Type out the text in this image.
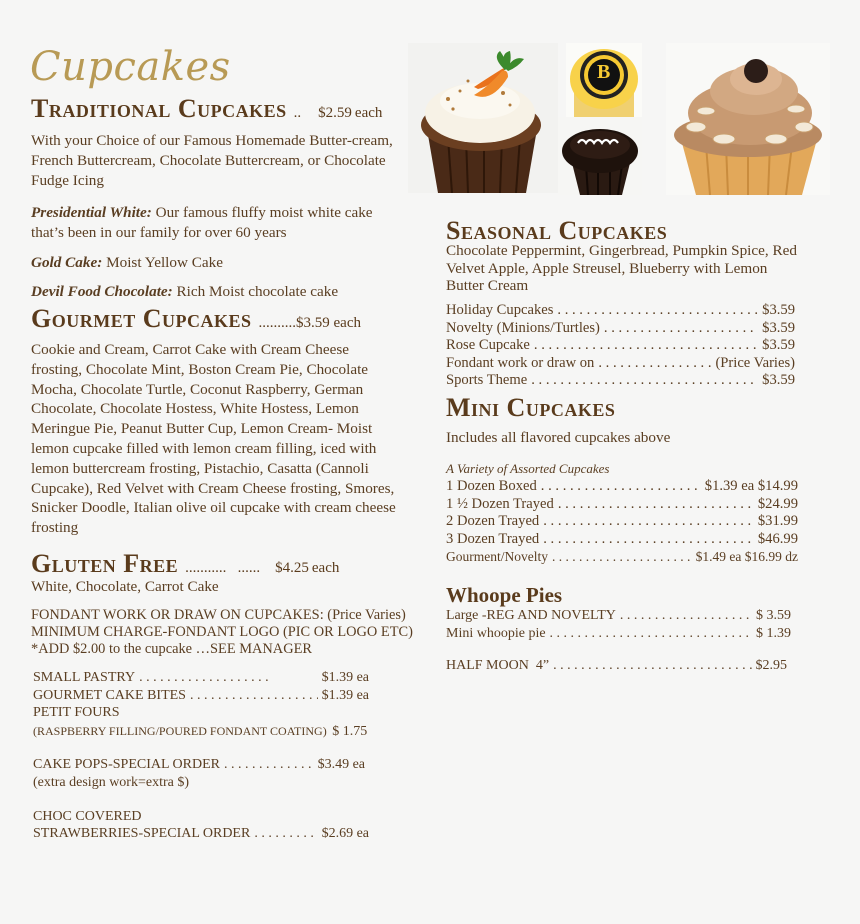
Cupcakes
Traditional Cupcakes .. $2.59 each
With your Choice of our Famous Homemade Butter-cream, French Buttercream, Chocolate Buttercream, or Chocolate Fudge Icing
Presidential White: Our famous fluffy moist white cake that’s been in our family for over 60 years
Gold Cake: Moist Yellow Cake
Devil Food Chocolate: Rich Moist chocolate cake
Gourmet Cupcakes ..........$3.59 each
Cookie and Cream, Carrot Cake with Cream Cheese frosting, Chocolate Mint, Boston Cream Pie, Chocolate Mocha, Chocolate Turtle, Coconut Raspberry, German Chocolate, Chocolate Hostess, White Hostess, Lemon Meringue Pie, Peanut Butter Cup, Lemon Cream- Moist lemon cupcake filled with lemon cream filling, iced with lemon buttercream frosting, Pistachio, Casatta (Cannoli Cupcake), Red Velvet with Cream Cheese frosting, Smores, Snicker Doodle, Italian olive oil cupcake with cream cheese frosting
Gluten Free ...........   ...... $4.25 each
White, Chocolate, Carrot Cake
FONDANT WORK OR DRAW ON CUPCAKES: (Price Varies)
MINIMUM CHARGE-FONDANT LOGO (PIC OR LOGO ETC)
*ADD $2.00 to the cupcake …SEE MANAGER
SMALL PASTRY . . .	$1.39 ea
GOURMET CAKE BITES . . .	$1.39 ea
PETIT FOURS
(RASPBERRY FILLING/POURED FONDANT COATING) $ 1.75
CAKE POPS-SPECIAL ORDER . . .	$3.49 ea
(extra design work=extra $)
CHOC COVERED
STRAWBERRIES-SPECIAL ORDER . . .	$2.69 ea
B
Seasonal Cupcakes
Chocolate Peppermint, Gingerbread, Pumpkin Spice, Red Velvet Apple, Apple Streusel, Blueberry with Lemon Butter Cream
Holiday Cupcakes . . .	$3.59
Novelty (Minions/Turtles) . . .	$3.59
Rose Cupcake . . .	$3.59
Fondant work or draw on . . .	(Price Varies)
Sports Theme . . .	$3.59
Mini Cupcakes
Includes all flavored cupcakes above
A Variety of Assorted Cupcakes
1 Dozen Boxed . . .	$1.39 ea $14.99
1 ½ Dozen Trayed . . .	$24.99
2 Dozen Trayed . . .	$31.99
3 Dozen Trayed . . .	$46.99
Gourment/Novelty . . .	$1.49 ea $16.99 dz
Whoope Pies
Large -REG AND NOVELTY . . .	$ 3.59
Mini whoopie pie . . .	$ 1.39
HALF MOON  4” . . .	$2.95
